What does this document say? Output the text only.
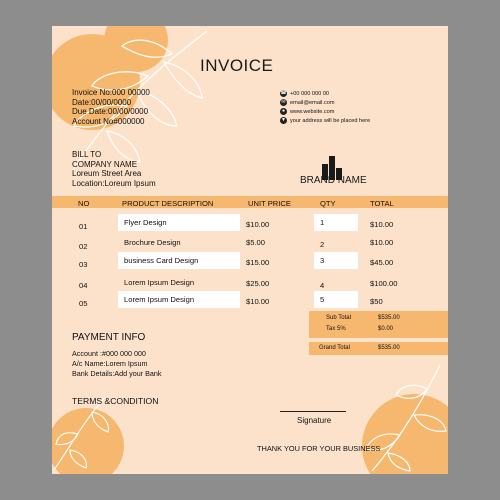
INVOICE
Invoice No:000 00000
Date:00/00/0000
Due Date:00/00/0000
Account No#000000
BILL TO
COMPANY NAME
Loreum Street Area
Location:Loreum Ipsum
☎ +00 000 000 00
✉ email@email.com
● www.website.com
▼ your address will be placed here
BRAND NAME
NO	PRODUCT DESCRIPTION	UNIT PRICE	QTY	TOTAL
01	Flyer Design	$10.00	1	$10.00
02	Brochure Design	$5.00	2	$10.00
03	business Card Design	$15.00	3	$45.00
04	Lorem Ipsum Design	$25.00	4	$100.00
05	Lorem Ipsum Design	$10.00	5	$50
Sub Total	$535.00
Tax 5%	$0.00
Grand Total	$535.00
PAYMENT INFO
Account :#000 000 000
A/c Name:Lorem Ipsum
Bank Details:Add your Bank
TERMS &CONDITION
Signature
THANK YOU FOR YOUR BUSINESS
